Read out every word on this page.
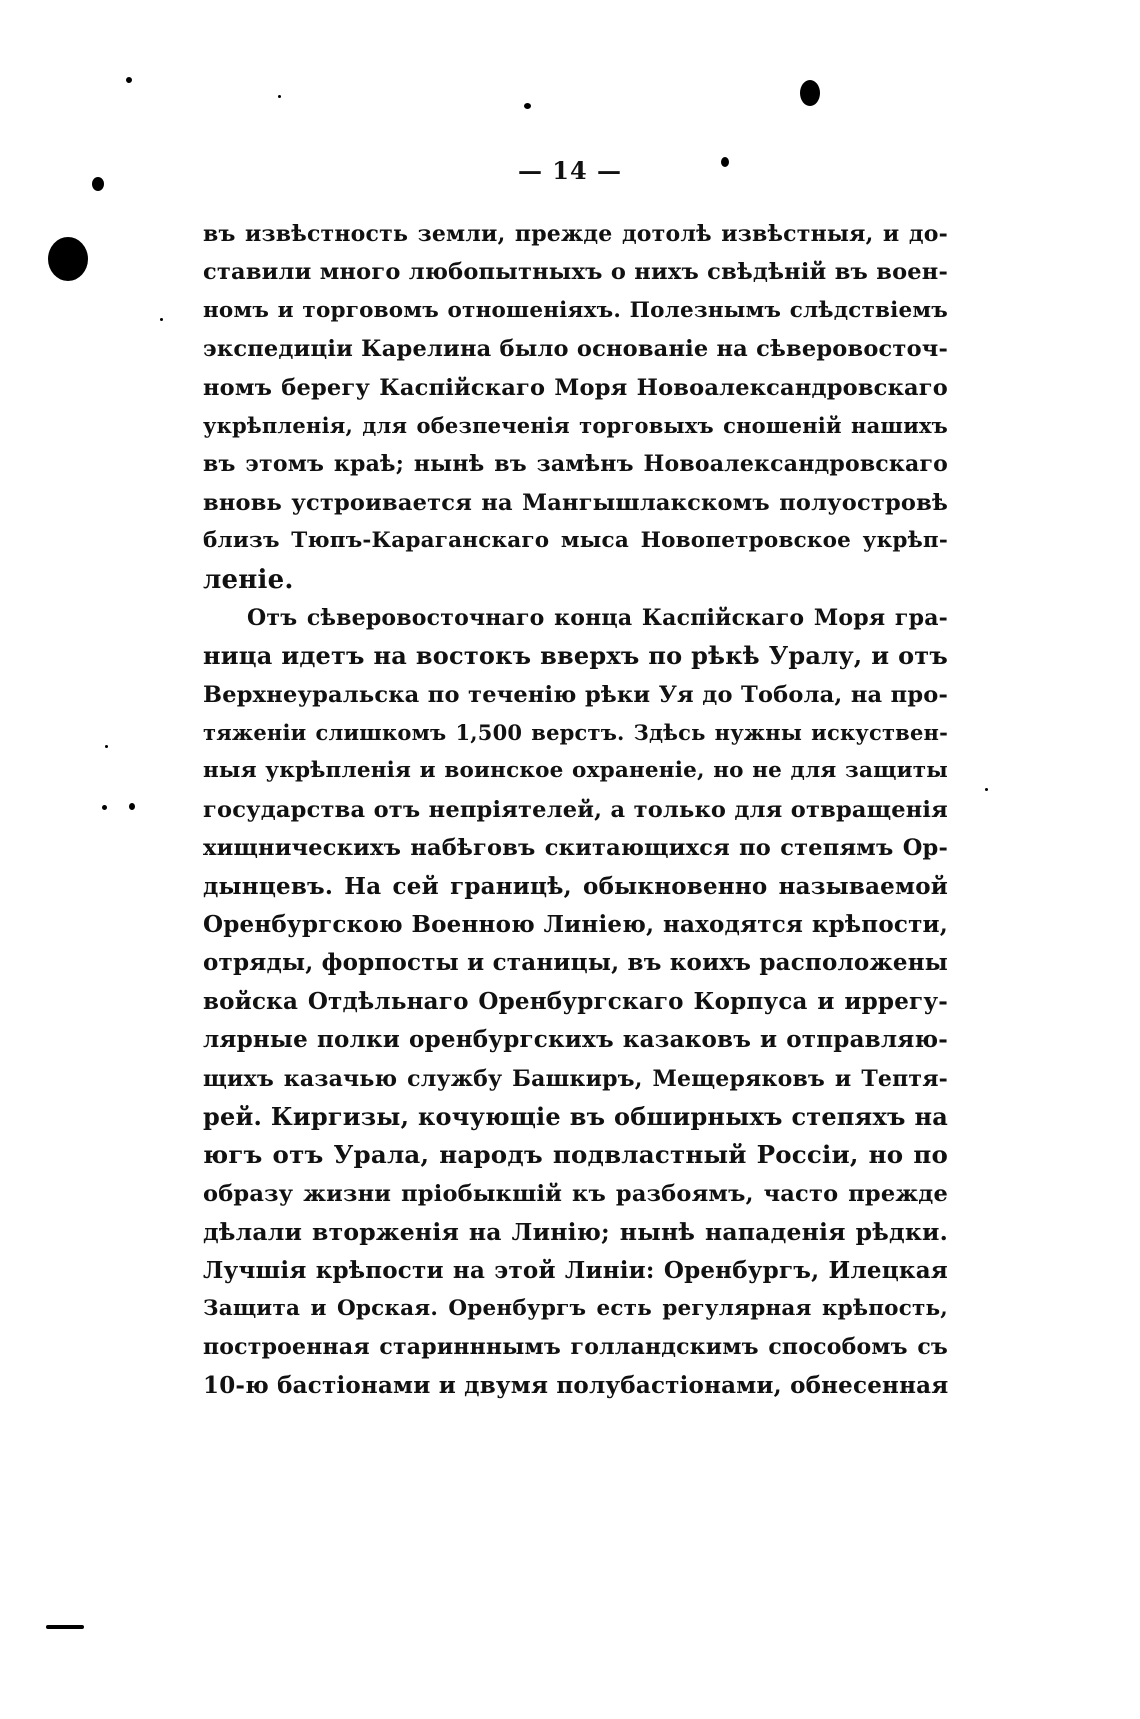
— 14 —
въ извѣстность земли, прежде дотолѣ извѣстныя, и до-
ставили много любопытныхъ о нихъ свѣдѣній въ воен-
номъ и торговомъ отношеніяхъ. Полезнымъ слѣдствіемъ
экспедиціи Карелина было основаніе на сѣверовосточ-
номъ берегу Каспійскаго Моря Новоалександровскаго
укрѣпленія, для обезпеченія торговыхъ сношеній нашихъ
въ этомъ краѣ; нынѣ въ замѣнъ Новоалександровскаго
вновь устроивается на Мангышлакскомъ полуостровѣ
близъ Тюпъ-Караганскаго мыса Новопетровское укрѣп-
леніе.
Отъ сѣверовосточнаго конца Каспійскаго Моря гра-
ница идетъ на востокъ вверхъ по рѣкѣ Уралу, и отъ
Верхнеуральска по теченію рѣки Уя до Тобола, на про-
тяженіи слишкомъ 1,500 верстъ. Здѣсь нужны искуствен-
ныя укрѣпленія и воинское охраненіе, но не для защиты
государства отъ непріятелей, а только для отвращенія
хищническихъ набѣговъ скитающихся по степямъ Ор-
дынцевъ. На сей границѣ, обыкновенно называемой
Оренбургскою Военною Линіею, находятся крѣпости,
отряды, форпосты и станицы, въ коихъ расположены
войска Отдѣльнаго Оренбургскаго Корпуса и иррегу-
лярные полки оренбургскихъ казаковъ и отправляю-
щихъ казачью службу Башкиръ, Мещеряковъ и Тептя-
рей. Киргизы, кочующіе въ обширныхъ степяхъ на
югъ отъ Урала, народъ подвластный Россіи, но по
образу жизни пріобыкшій къ разбоямъ, часто прежде
дѣлали вторженія на Линію; нынѣ нападенія рѣдки.
Лучшія крѣпости на этой Линіи: Оренбургъ, Илецкая
Защита и Орская. Оренбургъ есть регулярная крѣпость,
построенная старинннымъ голландскимъ способомъ съ
10-ю бастіонами и двумя полубастіонами, обнесенная
